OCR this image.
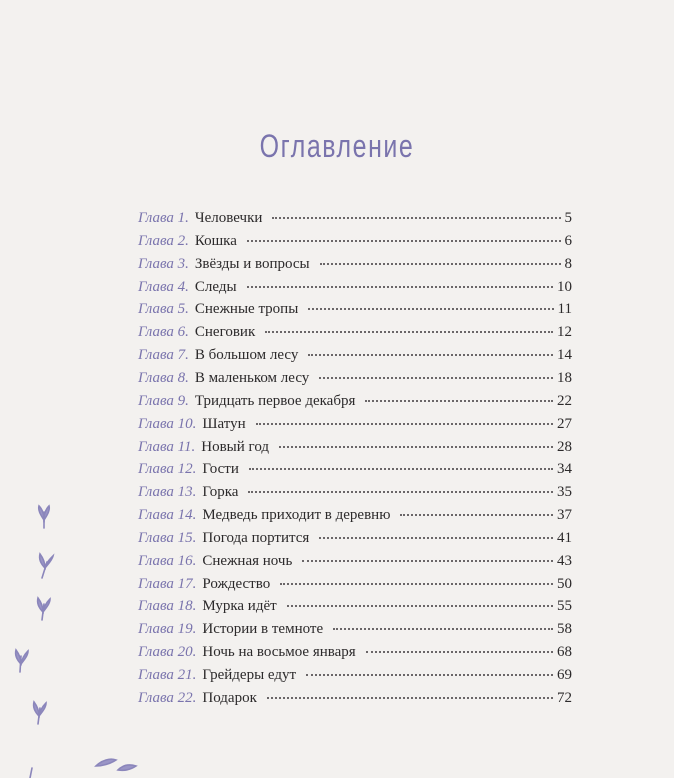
Оглавление
Глава 1. Человечки	5
Глава 2. Кошка	6
Глава 3. Звёзды и вопросы	8
Глава 4. Следы	10
Глава 5. Снежные тропы	11
Глава 6. Снеговик	12
Глава 7. В большом лесу	14
Глава 8. В маленьком лесу	18
Глава 9. Тридцать первое декабря	22
Глава 10. Шатун	27
Глава 11. Новый год	28
Глава 12. Гости	34
Глава 13. Горка	35
Глава 14. Медведь приходит в деревню	37
Глава 15. Погода портится	41
Глава 16. Снежная ночь	43
Глава 17. Рождество	50
Глава 18. Мурка идёт	55
Глава 19. Истории в темноте	58
Глава 20. Ночь на восьмое января	68
Глава 21. Грейдеры едут	69
Глава 22. Подарок	72
